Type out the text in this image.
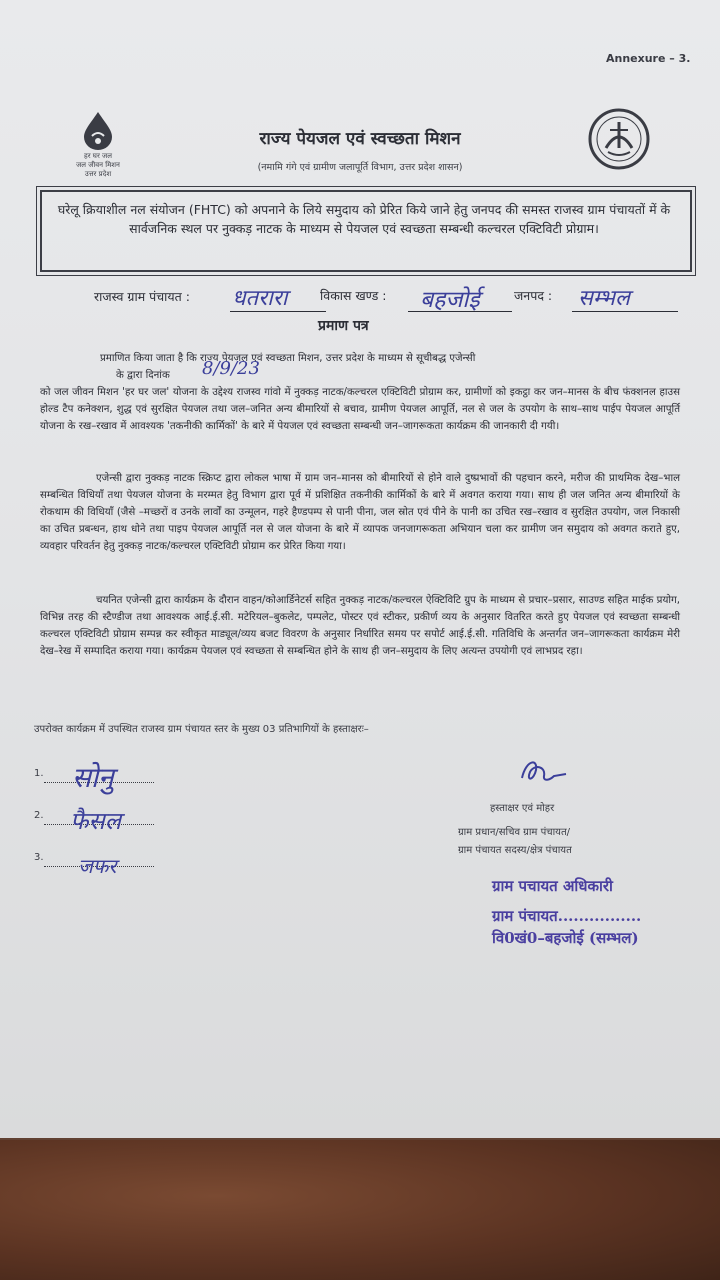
Annexure – 3.
हर घर जल
जल जीवन मिशन
उत्तर प्रदेश
राज्य पेयजल एवं स्वच्छता मिशन
(नमामि गंगे एवं ग्रामीण जलापूर्ति विभाग, उत्तर प्रदेश शासन)
घरेलू क्रियाशील नल संयोजन (FHTC) को अपनाने के लिये समुदाय को प्रेरित किये जाने हेतु जनपद की समस्त राजस्व ग्राम पंचायतों में के सार्वजनिक स्थल पर नुक्कड़ नाटक के माध्यम से पेयजल एवं स्वच्छता सम्बन्धी कल्चरल एक्टिविटी प्रोग्राम।
राजस्व ग्राम पंचायत : धतरारा	विकास खण्ड : बहजोई	जनपद : सम्भल
प्रमाण पत्र
प्रमाणित किया जाता है कि राज्य पेयजल एवं स्वच्छता मिशन, उत्तर प्रदेश के माध्यम से सूचीबद्ध एजेन्सी
के द्वारा दिनांक	8/9/23
को जल जीवन मिशन 'हर घर जल' योजना के उद्देश्य राजस्व गांवो में नुक्कड़ नाटक/कल्चरल एक्टिविटी प्रोग्राम कर, ग्रामीणों को इकट्ठा कर जन–मानस के बीच फंक्शनल हाउस होल्ड टैप कनेक्शन, शुद्ध एवं सुरक्षित पेयजल तथा जल–जनित अन्य बीमारियों से बचाव, ग्रामीण पेयजल आपूर्ति, नल से जल के उपयोग के साथ–साथ पाईप पेयजल आपूर्ति योजना के रख–रखाव में आवश्यक 'तकनीकी कार्मिकों' के बारे में पेयजल एवं स्वच्छता सम्बन्धी जन–जागरूकता कार्यक्रम की जानकारी दी गयी।
एजेन्सी द्वारा नुक्कड़ नाटक स्क्रिप्ट द्वारा लोकल भाषा में ग्राम जन–मानस को बीमारियों से होने वाले दुष्प्रभावों की पहचान करने, मरीज की प्राथमिक देख–भाल सम्बन्धित विधियाँ तथा पेयजल योजना के मरम्मत हेतु विभाग द्वारा पूर्व में प्रशिक्षित तकनीकी कार्मिकों के बारे में अवगत कराया गया। साथ ही जल जनित अन्य बीमारियों के रोकथाम की विधियाँ (जैसे –मच्छरों व उनके लार्वों का उन्मूलन, गहरे हैण्डपम्प से पानी पीना, जल स्रोत एवं पीने के पानी का उचित रख–रखाव व सुरक्षित उपयोग, जल निकासी का उचित प्रबन्धन, हाथ धोने तथा पाइप पेयजल आपूर्ति नल से जल योजना के बारे में व्यापक जनजागरूकता अभियान चला कर ग्रामीण जन समुदाय को अवगत कराते हुए, व्यवहार परिवर्तन हेतु नुक्कड़ नाटक/कल्चरल एक्टिविटी प्रोग्राम कर प्रेरित किया गया।
चयनित एजेन्सी द्वारा कार्यक्रम के दौरान वाहन/कोआर्डिनेटर्स सहित नुक्कड़ नाटक/कल्चरल ऐक्टिविटि ग्रुप के माध्यम से प्रचार–प्रसार, साउण्ड सहित माईक प्रयोग, विभिन्न तरह की स्टैण्डीज तथा आवश्यक आई.ई.सी. मटेरियल–बुकलेट, पम्पलेट, पोस्टर एवं स्टीकर, प्रकीर्ण व्यय के अनुसार वितरित करते हुए पेयजल एवं स्वच्छता सम्बन्धी कल्चरल एक्टिविटी प्रोग्राम सम्पन्न कर स्वीकृत माड्यूल/व्यय बजट विवरण के अनुसार निर्धारित समय पर सपोर्ट आई.ई.सी. गतिविधि के अन्तर्गत जन–जागरूकता कार्यक्रम मेरी देख–रेख में सम्पादित कराया गया। कार्यक्रम पेयजल एवं स्वच्छता से सम्बन्धित होने के साथ ही जन–समुदाय के लिए अत्यन्त उपयोगी एवं लाभप्रद रहा।
उपरोक्त कार्यक्रम में उपस्थित राजस्व ग्राम पंचायत स्तर के मुख्य 03 प्रतिभागियों के हस्ताक्षरः–
1. सोनु
2. फैसल
3. जफर
हस्ताक्षर एवं मोहर
ग्राम प्रधान/सचिव ग्राम पंचायत/
ग्राम पंचायत सदस्य/क्षेत्र पंचायत
ग्राम पचायत अधिकारी
ग्राम पंचायत................
वि0खं0–बहजोई (सम्भल)
